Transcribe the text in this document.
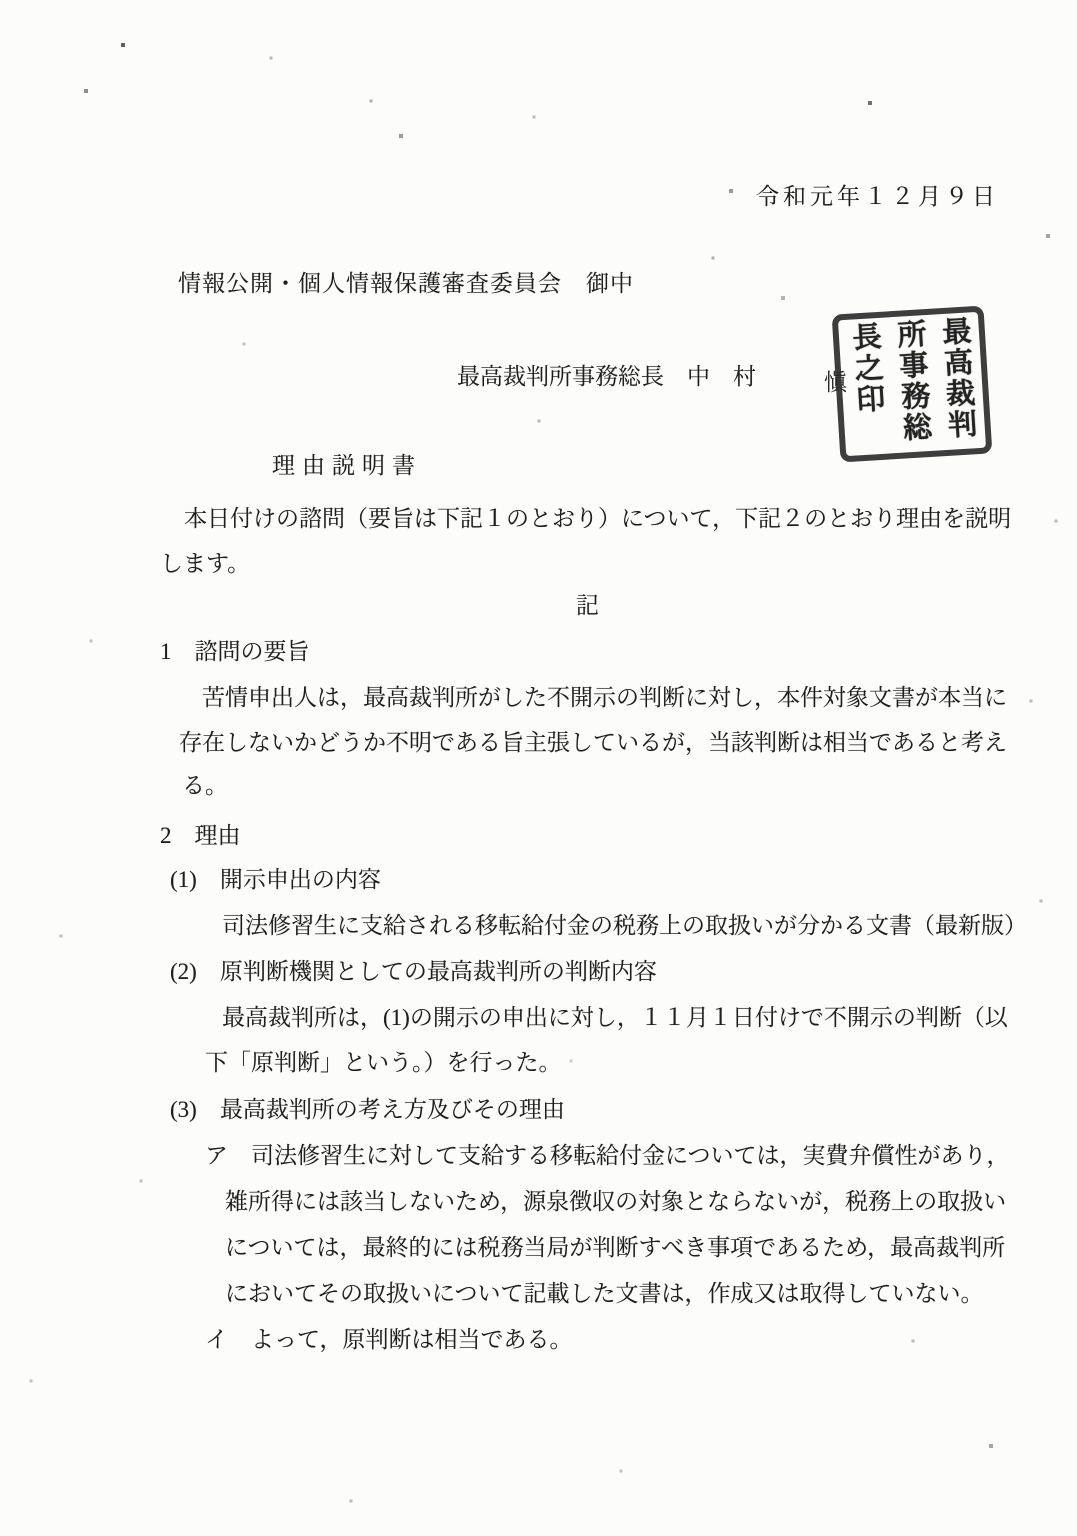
令和元年１２月９日
情報公開・個人情報保護審査委員会　御中
最高裁判所事務総長　中　村	愼	最高裁判所事務総長之印
理由説明書
本日付けの諮問（要旨は下記１のとおり）について，下記２のとおり理由を説明
します。
記
1　諮問の要旨
苦情申出人は，最高裁判所がした不開示の判断に対し，本件対象文書が本当に
存在しないかどうか不明である旨主張しているが，当該判断は相当であると考え
る。
2　理由
(1)　開示申出の内容
司法修習生に支給される移転給付金の税務上の取扱いが分かる文書（最新版）
(2)　原判断機関としての最高裁判所の判断内容
最高裁判所は，(1)の開示の申出に対し，１１月１日付けで不開示の判断（以
下「原判断」という。）を行った。
(3)　最高裁判所の考え方及びその理由
ア　司法修習生に対して支給する移転給付金については，実費弁償性があり，
雑所得には該当しないため，源泉徴収の対象とならないが，税務上の取扱い
については，最終的には税務当局が判断すべき事項であるため，最高裁判所
においてその取扱いについて記載した文書は，作成又は取得していない。
イ　よって，原判断は相当である。
